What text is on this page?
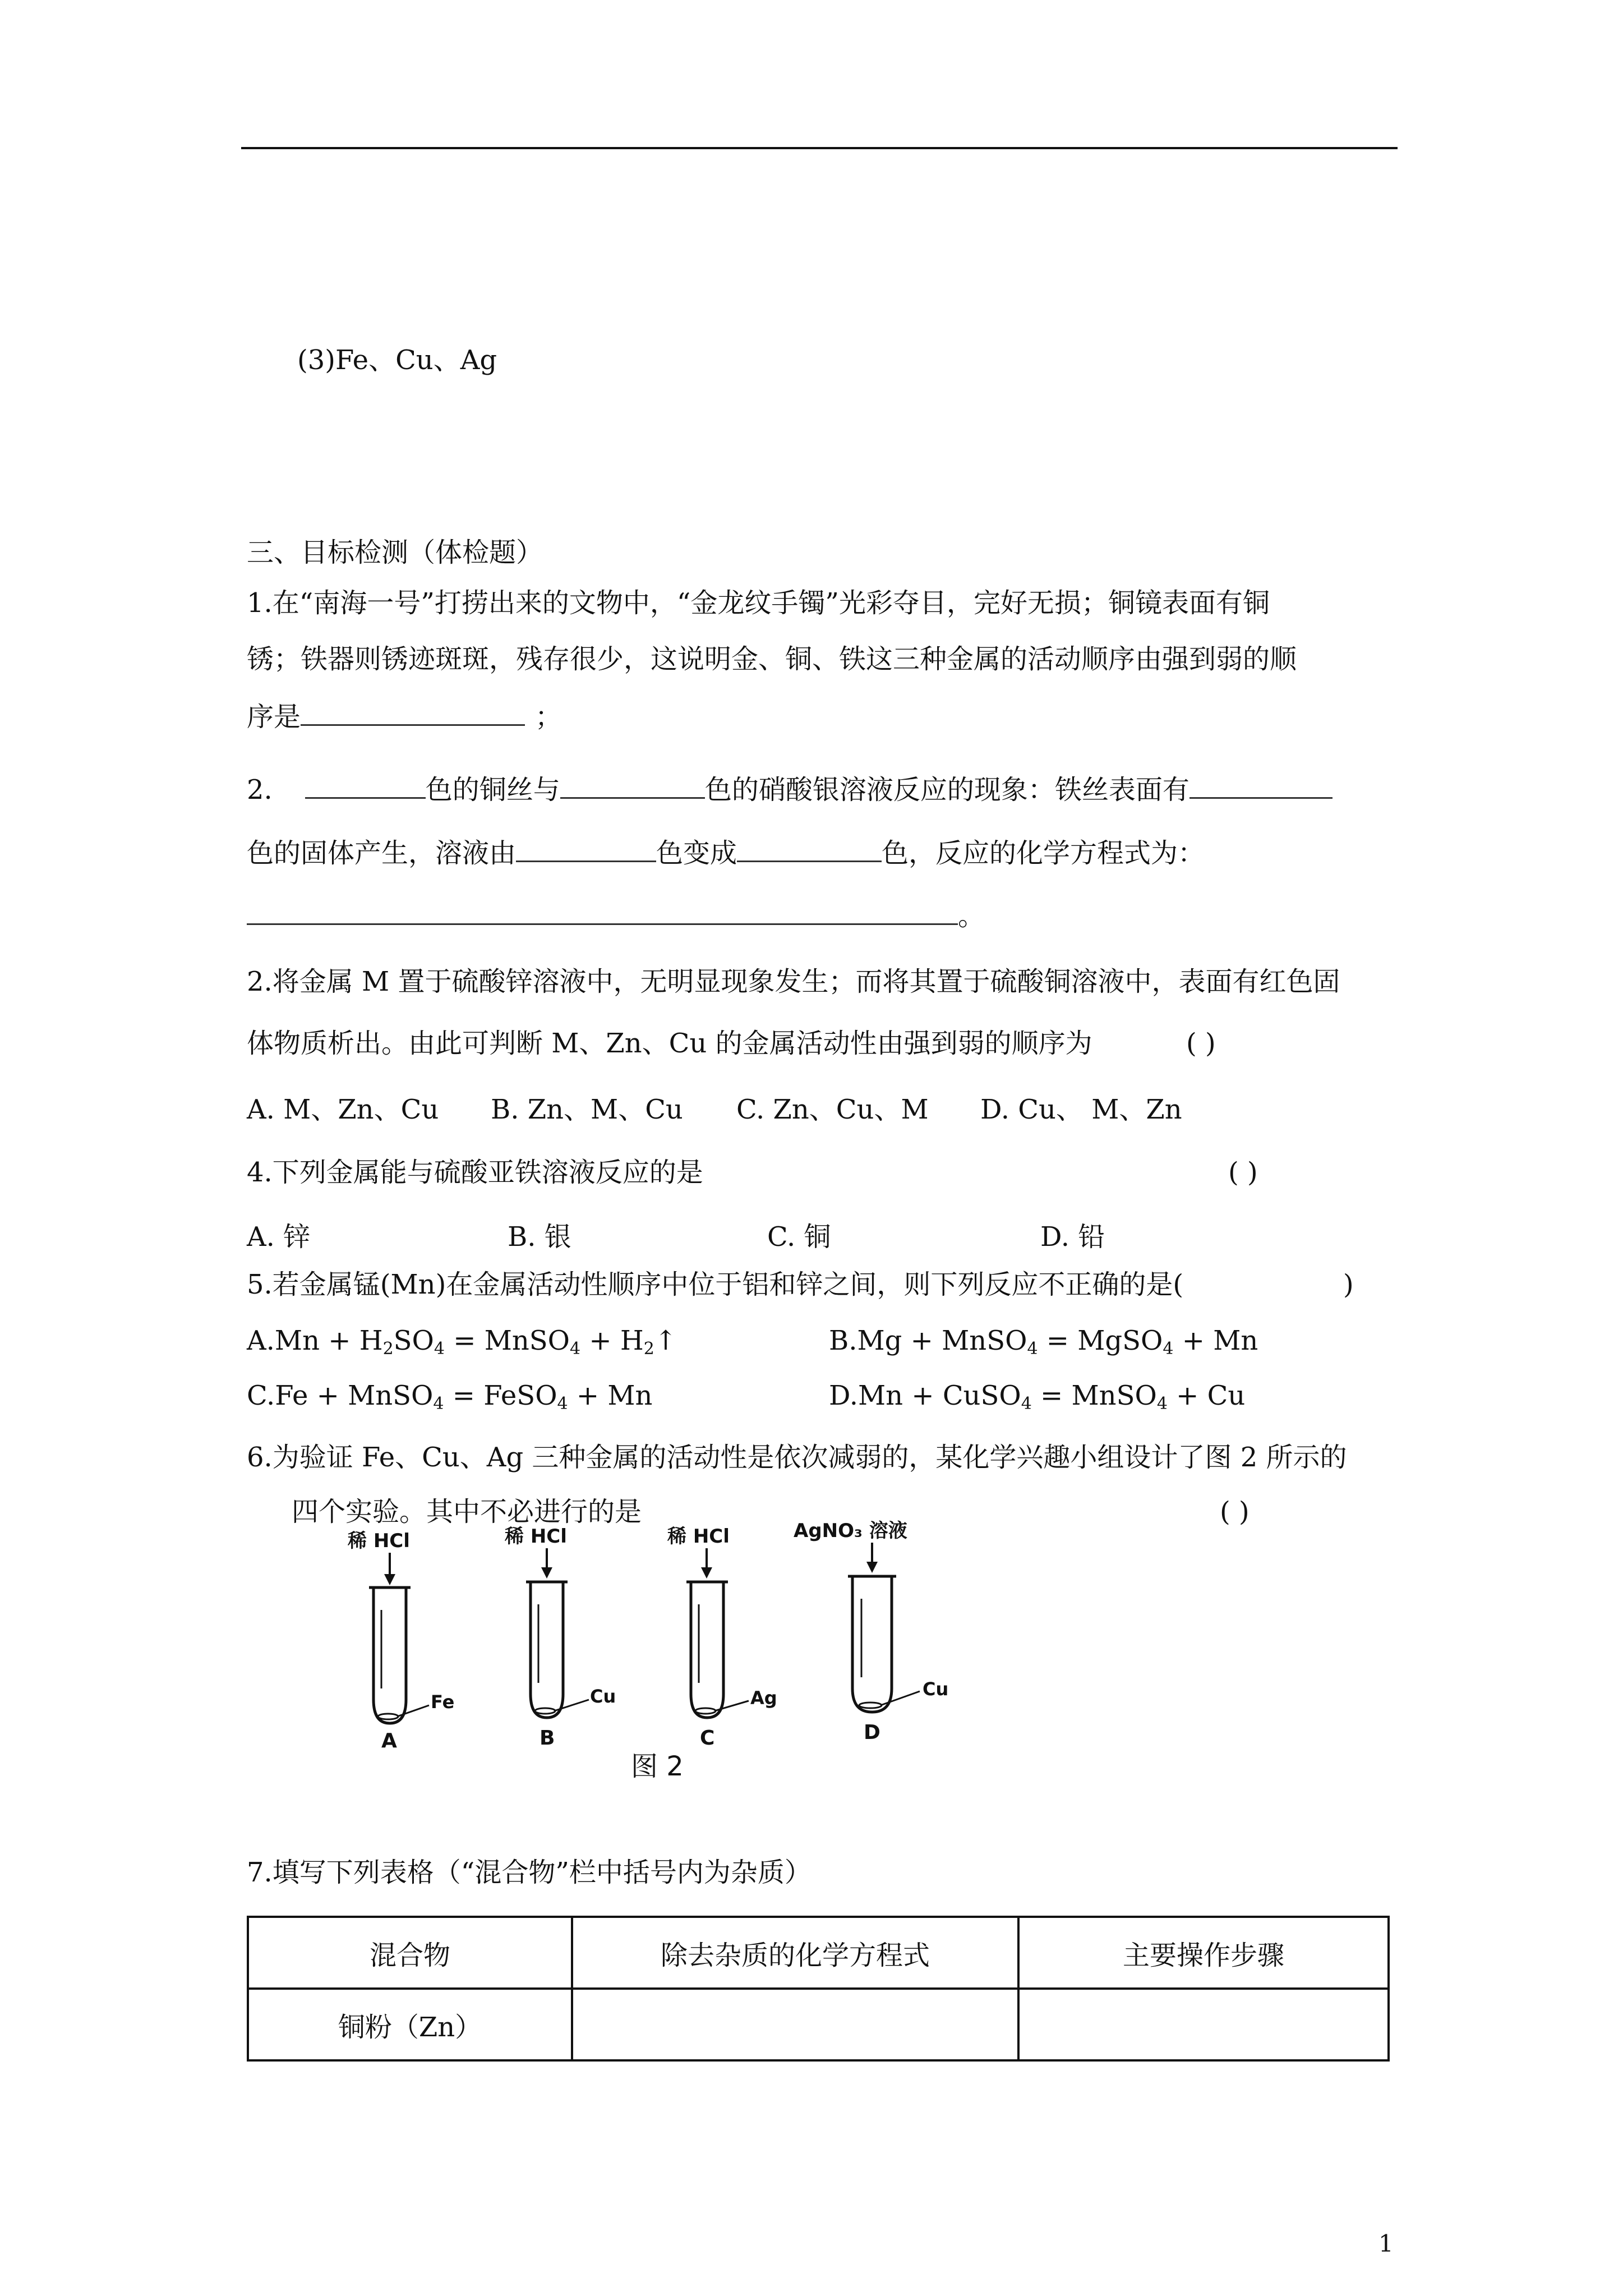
(3)Fe、Cu、Ag
三、目标检测（体检题）
1.在“南海一号”打捞出来的文物中，“金龙纹手镯”光彩夺目，完好无损；铜镜表面有铜
锈；铁器则锈迹斑斑，残存很少，这说明金、铜、铁这三种金属的活动顺序由强到弱的顺
序是	；
2.	色的铜丝与	色的硝酸银溶液反应的现象：铁丝表面有
色的固体产生，溶液由	色变成	色，反应的化学方程式为：
。
2.将金属 M 置于硫酸锌溶液中，无明显现象发生；而将其置于硫酸铜溶液中，表面有红色固
体物质析出。由此可判断 M、Zn、Cu 的金属活动性由强到弱的顺序为	( )
A. M、Zn、Cu B. Zn、M、Cu C. Zn、Cu、M D. Cu、 M、Zn
4.下列金属能与硫酸亚铁溶液反应的是	( )
A. 锌	B. 银	C. 铜	D. 铅
5.若金属锰(Mn)在金属活动性顺序中位于铝和锌之间，则下列反应不正确的是(	)
$A.Mn + H_2SO_4$ = MnSO$_4$ + $H_2↑$	B.Mg + MnSO$_4$ = MgSO$_4$ + Mn
C.Fe + MnSO$_4$ = FeSO$_4$ + Mn	D.Mn + CuSO$_4$ = MnSO$_4$ + Cu
6.为验证 Fe、Cu、Ag 三种金属的活动性是依次减弱的，某化学兴趣小组设计了图 2 所示的
四个实验。其中不必进行的是	( )
稀 HCl
Fe
A
稀 HCl
Cu
B
稀 HCl
Ag
C
AgNO₃ 溶液
Cu
D
图 2
7.填写下列表格（“混合物”栏中括号内为杂质）
混合物	除去杂质的化学方程式	主要操作步骤
铜粉（Zn）		
1
